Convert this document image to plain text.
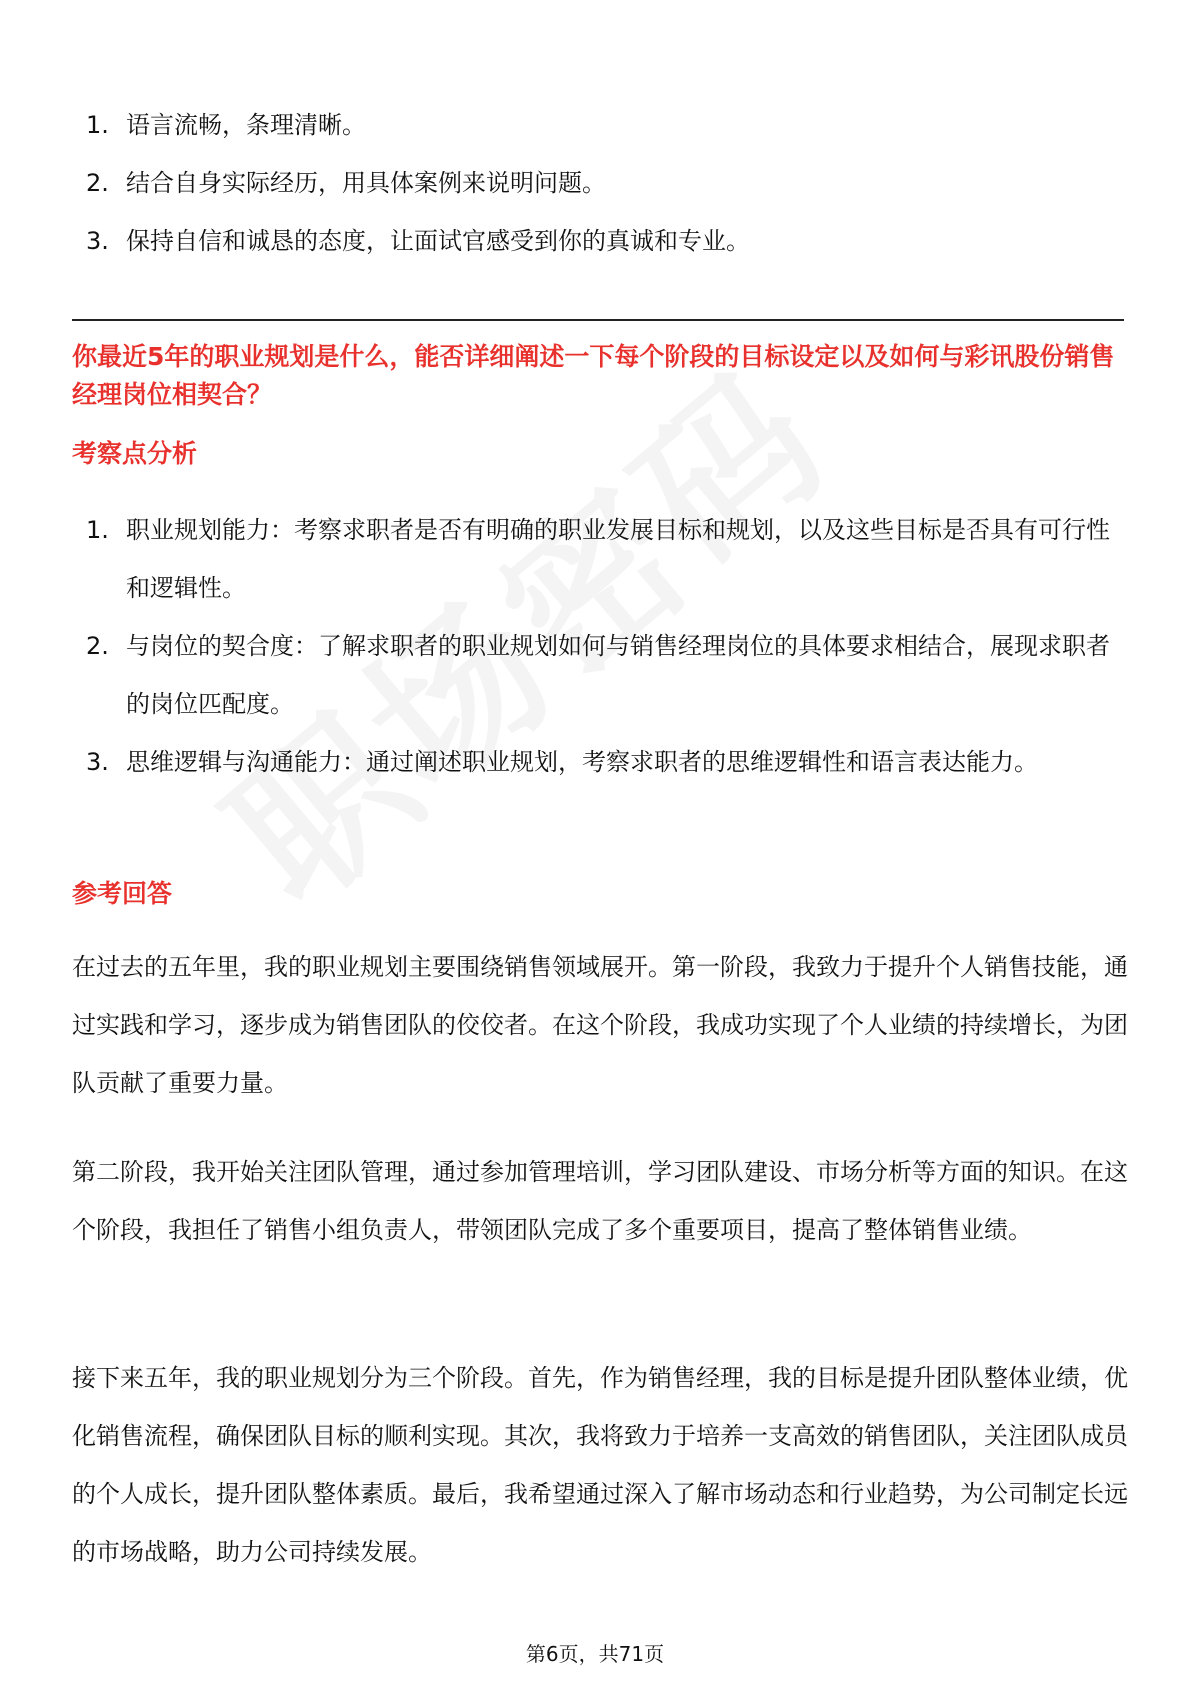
1. 语言流畅，条理清晰。
2. 结合自身实际经历，用具体案例来说明问题。
3. 保持自信和诚恳的态度，让面试官感受到你的真诚和专业。
你最近5年的职业规划是什么，能否详细阐述一下每个阶段的目标设定以及如何与彩讯股份销售经理岗位相契合？
考察点分析
1. 职业规划能力：考察求职者是否有明确的职业发展目标和规划，以及这些目标是否具有可行性和逻辑性。
2. 与岗位的契合度：了解求职者的职业规划如何与销售经理岗位的具体要求相结合，展现求职者的岗位匹配度。
3. 思维逻辑与沟通能力：通过阐述职业规划，考察求职者的思维逻辑性和语言表达能力。
参考回答

在过去的五年里，我的职业规划主要围绕销售领域展开。第一阶段，我致力于提升个人销售技能，通过实践和学习，逐步成为销售团队的佼佼者。在这个阶段，我成功实现了个人业绩的持续增长，为团队贡献了重要力量。

第二阶段，我开始关注团队管理，通过参加管理培训，学习团队建设、市场分析等方面的知识。在这个阶段，我担任了销售小组负责人，带领团队完成了多个重要项目，提高了整体销售业绩。

接下来五年，我的职业规划分为三个阶段。首先，作为销售经理，我的目标是提升团队整体业绩，优化销售流程，确保团队目标的顺利实现。其次，我将致力于培养一支高效的销售团队，关注团队成员的个人成长，提升团队整体素质。最后，我希望通过深入了解市场动态和行业趋势，为公司制定长远的市场战略，助力公司持续发展。

第6页，共71页
